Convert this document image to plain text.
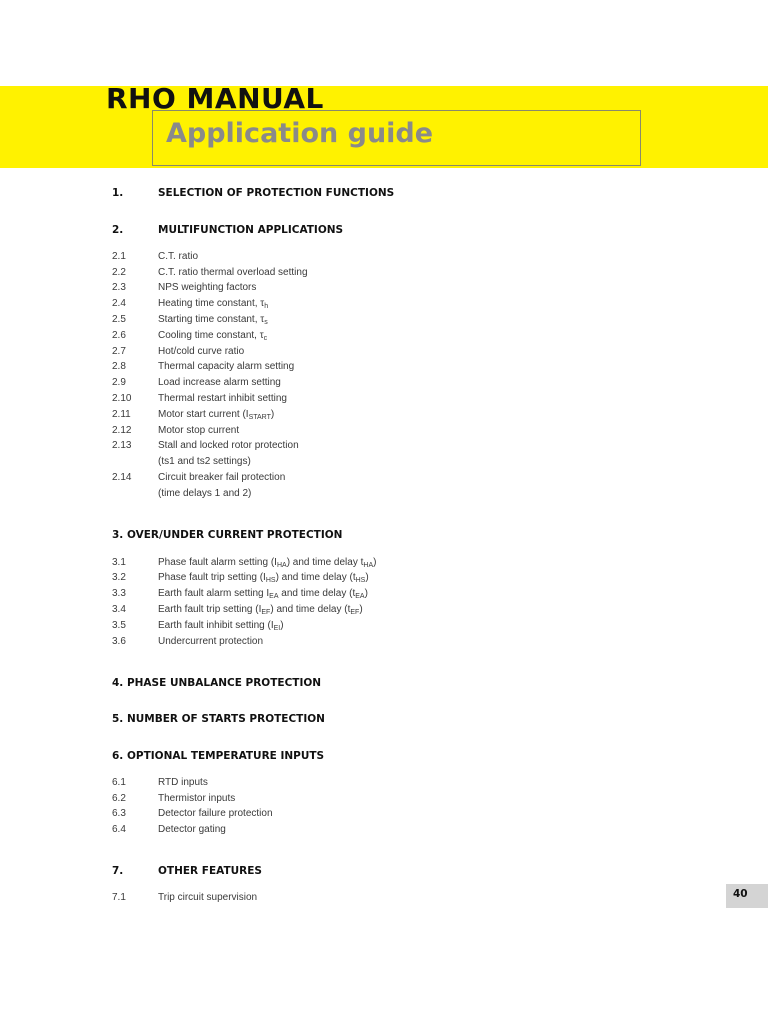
RHO MANUAL
Application guide
1.	SELECTION OF PROTECTION FUNCTIONS
2.	MULTIFUNCTION APPLICATIONS
2.1	C.T. ratio
2.2	C.T. ratio thermal overload setting
2.3	NPS weighting factors
2.4	Heating time constant, $\tau_h$
2.5	Starting time constant, $\tau_s$
2.6	Cooling time constant, $\tau_c$
2.7	Hot/cold curve ratio
2.8	Thermal capacity alarm setting
2.9	Load increase alarm setting
2.10	Thermal restart inhibit setting
2.11	Motor start current $(I_{START})$
2.12	Motor stop current
2.13	Stall and locked rotor protection
(ts1 and ts2 settings)
2.14	Circuit breaker fail protection
(time delays 1 and 2)
3. OVER/UNDER CURRENT PROTECTION
3.1	Phase fault alarm setting $(I_{HA})$ and time delay $t_{HA}$)
3.2	Phase fault trip setting $(I_{HS})$ and time delay $(t_{HS})$
3.3	Earth fault alarm setting $I_{EA}$ and time delay $(t_{EA})$
3.4	Earth fault trip setting $(I_{EF})$ and time delay $(t_{EF})$
3.5	Earth fault inhibit setting $(I_{EI})$
3.6	Undercurrent protection
4. PHASE UNBALANCE PROTECTION
5. NUMBER OF STARTS PROTECTION
6. OPTIONAL TEMPERATURE INPUTS
6.1	RTD inputs
6.2	Thermistor inputs
6.3	Detector failure protection
6.4	Detector gating
7.	OTHER FEATURES
7.1	Trip circuit supervision	40
